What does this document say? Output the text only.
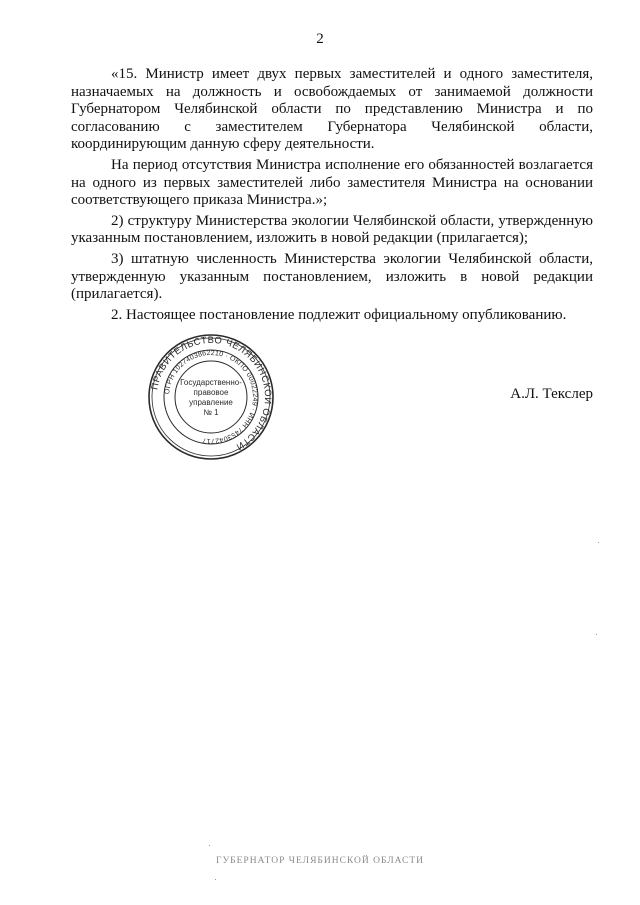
2

«15. Министр имеет двух первых заместителей и одного заместителя, назначаемых на должность и освобождаемых от занимаемой должности Губернатором Челябинской области по представлению Министра и по согласованию с заместителем Губернатора Челябинской области, координирующим данную сферу деятельности.

На период отсутствия Министра исполнение его обязанностей возлагается на одного из первых заместителей либо заместителя Министра на основании соответствующего приказа Министра.»;

2) структуру Министерства экологии Челябинской области, утвержденную указанным постановлением, изложить в новой редакции (прилагается);

3) штатную численность Министерства экологии Челябинской области, утвержденную указанным постановлением, изложить в новой редакции (прилагается).

2. Настоящее постановление подлежит официальному опубликованию.

ПРАВИТЕЛЬСТВО ЧЕЛЯБИНСКОЙ ОБЛАСТИ
ОГРН 1027403862210 · ОКПО 00022249 · ИНН 7453042717
Государственно-
правовое
управление
№ 1
А.Л. Текслер
ГУБЕРНАТОР ЧЕЛЯБИНСКОЙ ОБЛАСТИ
